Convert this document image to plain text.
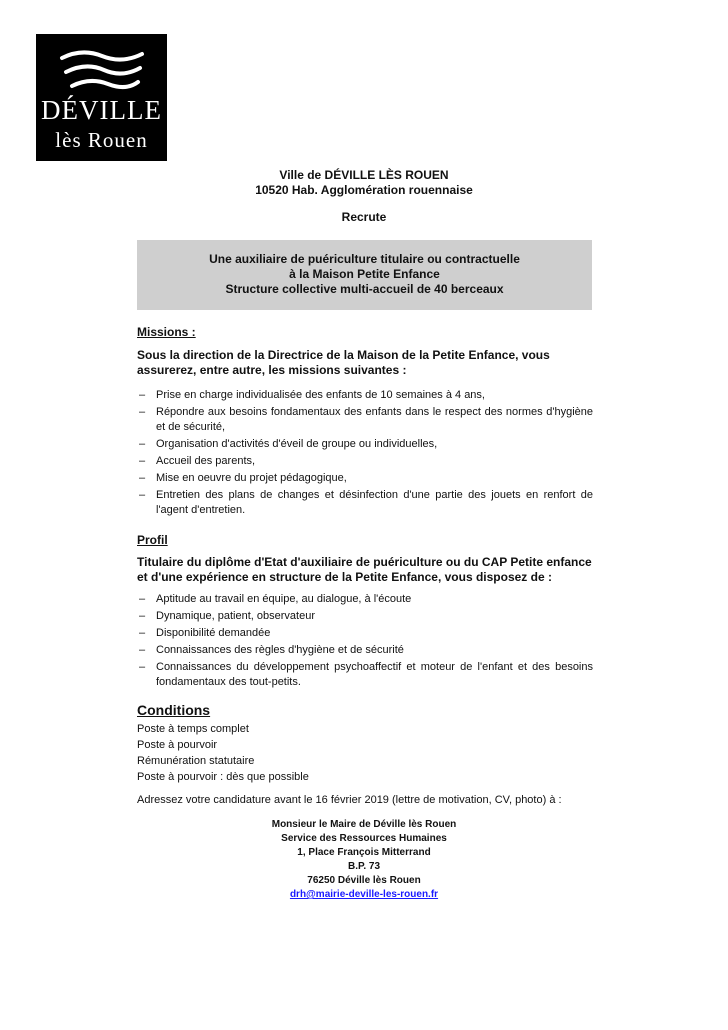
DÉVILLE
lès Rouen
Ville de DÉVILLE LÈS ROUEN
10520 Hab. Agglomération rouennaise
Recrute
Une auxiliaire de puériculture titulaire ou contractuelle
à la Maison Petite Enfance
Structure collective multi-accueil de 40 berceaux
Missions :
Sous la direction de la Directrice de la Maison de la Petite Enfance, vous assurerez, entre autre, les missions suivantes :
– Prise en charge individualisée des enfants de 10 semaines à 4 ans,
– Répondre aux besoins fondamentaux des enfants dans le respect des normes d'hygiène et de sécurité,
– Organisation d'activités d'éveil de groupe ou individuelles,
– Accueil des parents,
– Mise en oeuvre du projet pédagogique,
– Entretien des plans de changes et désinfection d'une partie des jouets en renfort de l'agent d'entretien.
Profil
Titulaire du diplôme d'Etat d'auxiliaire de puériculture ou du CAP Petite enfance et d'une expérience en structure de la Petite Enfance, vous disposez de :
– Aptitude au travail en équipe, au dialogue, à l'écoute
– Dynamique, patient, observateur
– Disponibilité demandée
– Connaissances des règles d'hygiène et de sécurité
– Connaissances du développement psychoaffectif et moteur de l'enfant et des besoins fondamentaux des tout-petits.
Conditions
Poste à temps complet
Poste à pourvoir
Rémunération statutaire
Poste à pourvoir : dès que possible
Adressez votre candidature avant le 16 février 2019 (lettre de motivation, CV, photo) à :
Monsieur le Maire de Déville lès Rouen
Service des Ressources Humaines
1, Place François Mitterrand
B.P. 73
76250 Déville lès Rouen
drh@mairie-deville-les-rouen.fr
